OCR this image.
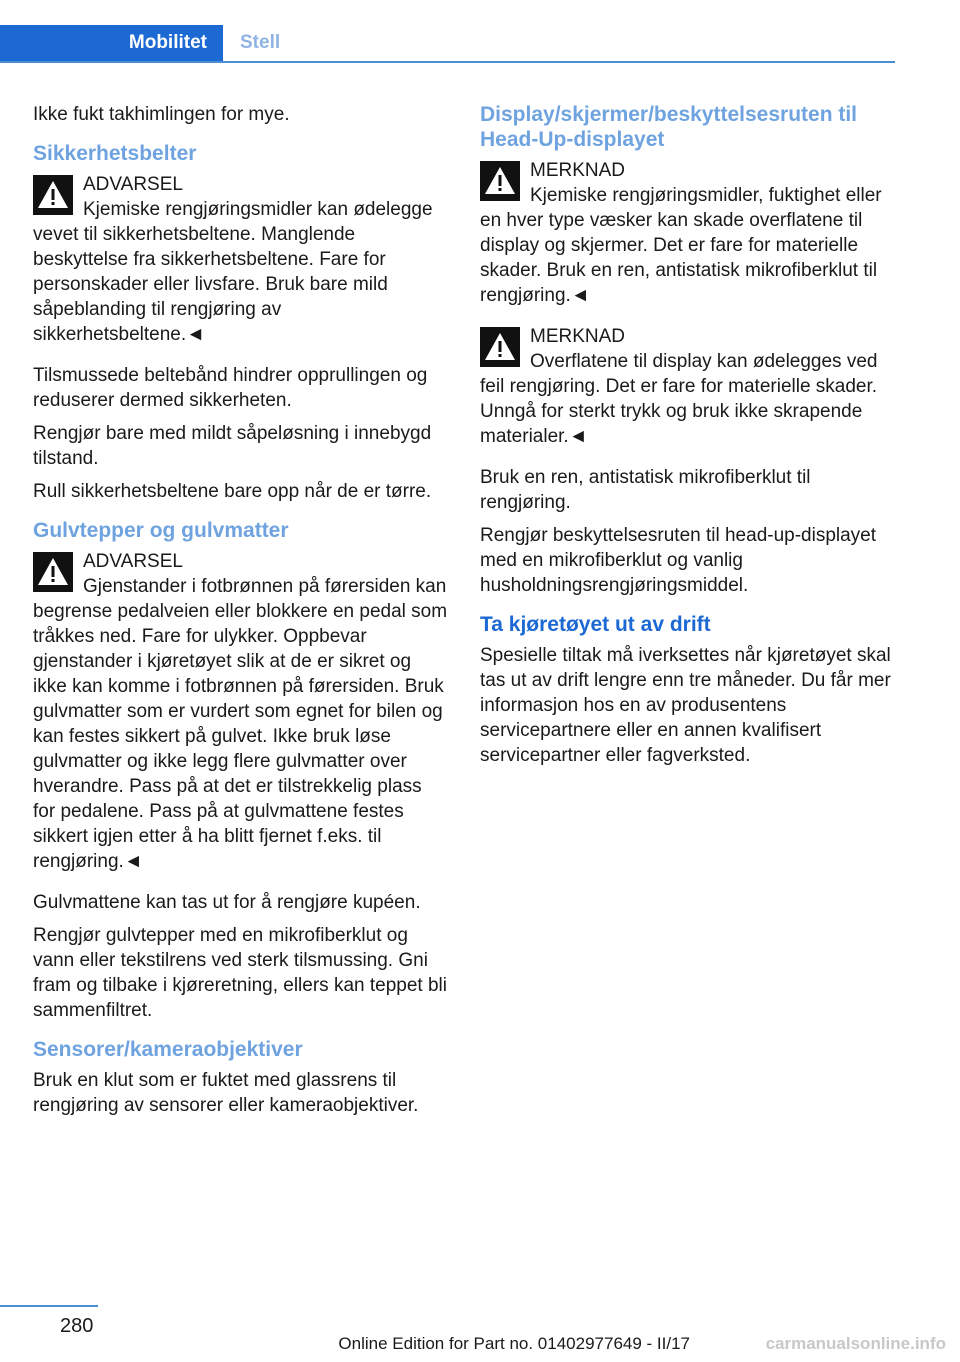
Mobilitet	Stell

Ikke fukt takhimlingen for mye.

Sikkerhetsbelter
ADVARSEL
Kjemiske rengjøringsmidler kan ødelegge vevet til sikkerhetsbeltene. Manglende beskyttelse fra sikkerhetsbeltene. Fare for personskader eller livsfare. Bruk bare mild såpeblanding til rengjøring av sikkerhetsbeltene.◄

Tilsmussede beltebånd hindrer opprullingen og reduserer dermed sikkerheten.

Rengjør bare med mildt såpeløsning i innebygd tilstand.

Rull sikkerhetsbeltene bare opp når de er tørre.

Gulvtepper og gulvmatter
ADVARSEL
Gjenstander i fotbrønnen på førersiden kan begrense pedalveien eller blokkere en pedal som tråkkes ned. Fare for ulykker. Oppbevar gjenstander i kjøretøyet slik at de er sikret og ikke kan komme i fotbrønnen på førersiden. Bruk gulvmatter som er vurdert som egnet for bilen og kan festes sikkert på gulvet. Ikke bruk løse gulvmatter og ikke legg flere gulvmatter over hverandre. Pass på at det er tilstrekkelig plass for pedalene. Pass på at gulvmattene festes sikkert igjen etter å ha blitt fjernet f.eks. til rengjøring.◄

Gulvmattene kan tas ut for å rengjøre kupéen.

Rengjør gulvtepper med en mikrofiberklut og vann eller tekstilrens ved sterk tilsmussing. Gni fram og tilbake i kjøreretning, ellers kan teppet bli sammenfiltret.

Sensorer/kameraobjektiver

Bruk en klut som er fuktet med glassrens til rengjøring av sensorer eller kameraobjektiver.

Display/skjermer/beskyttelsesruten til Head-Up-displayet
MERKNAD
Kjemiske rengjøringsmidler, fuktighet eller en hver type væsker kan skade overflatene til display og skjermer. Det er fare for materielle skader. Bruk en ren, antistatisk mikrofiberklut til rengjøring.◄
MERKNAD
Overflatene til display kan ødelegges ved feil rengjøring. Det er fare for materielle skader. Unngå for sterkt trykk og bruk ikke skrapende materialer.◄

Bruk en ren, antistatisk mikrofiberklut til rengjøring.

Rengjør beskyttelsesruten til head-up-displayet med en mikrofiberklut og vanlig husholdningsrengjøringsmiddel.

Ta kjøretøyet ut av drift

Spesielle tiltak må iverksettes når kjøretøyet skal tas ut av drift lengre enn tre måneder. Du får mer informasjon hos en av produsentens servicepartnere eller en annen kvalifisert servicepartner eller fagverksted.

280
Online Edition for Part no. 01402977649 - II/17	carmanualsonline.info
